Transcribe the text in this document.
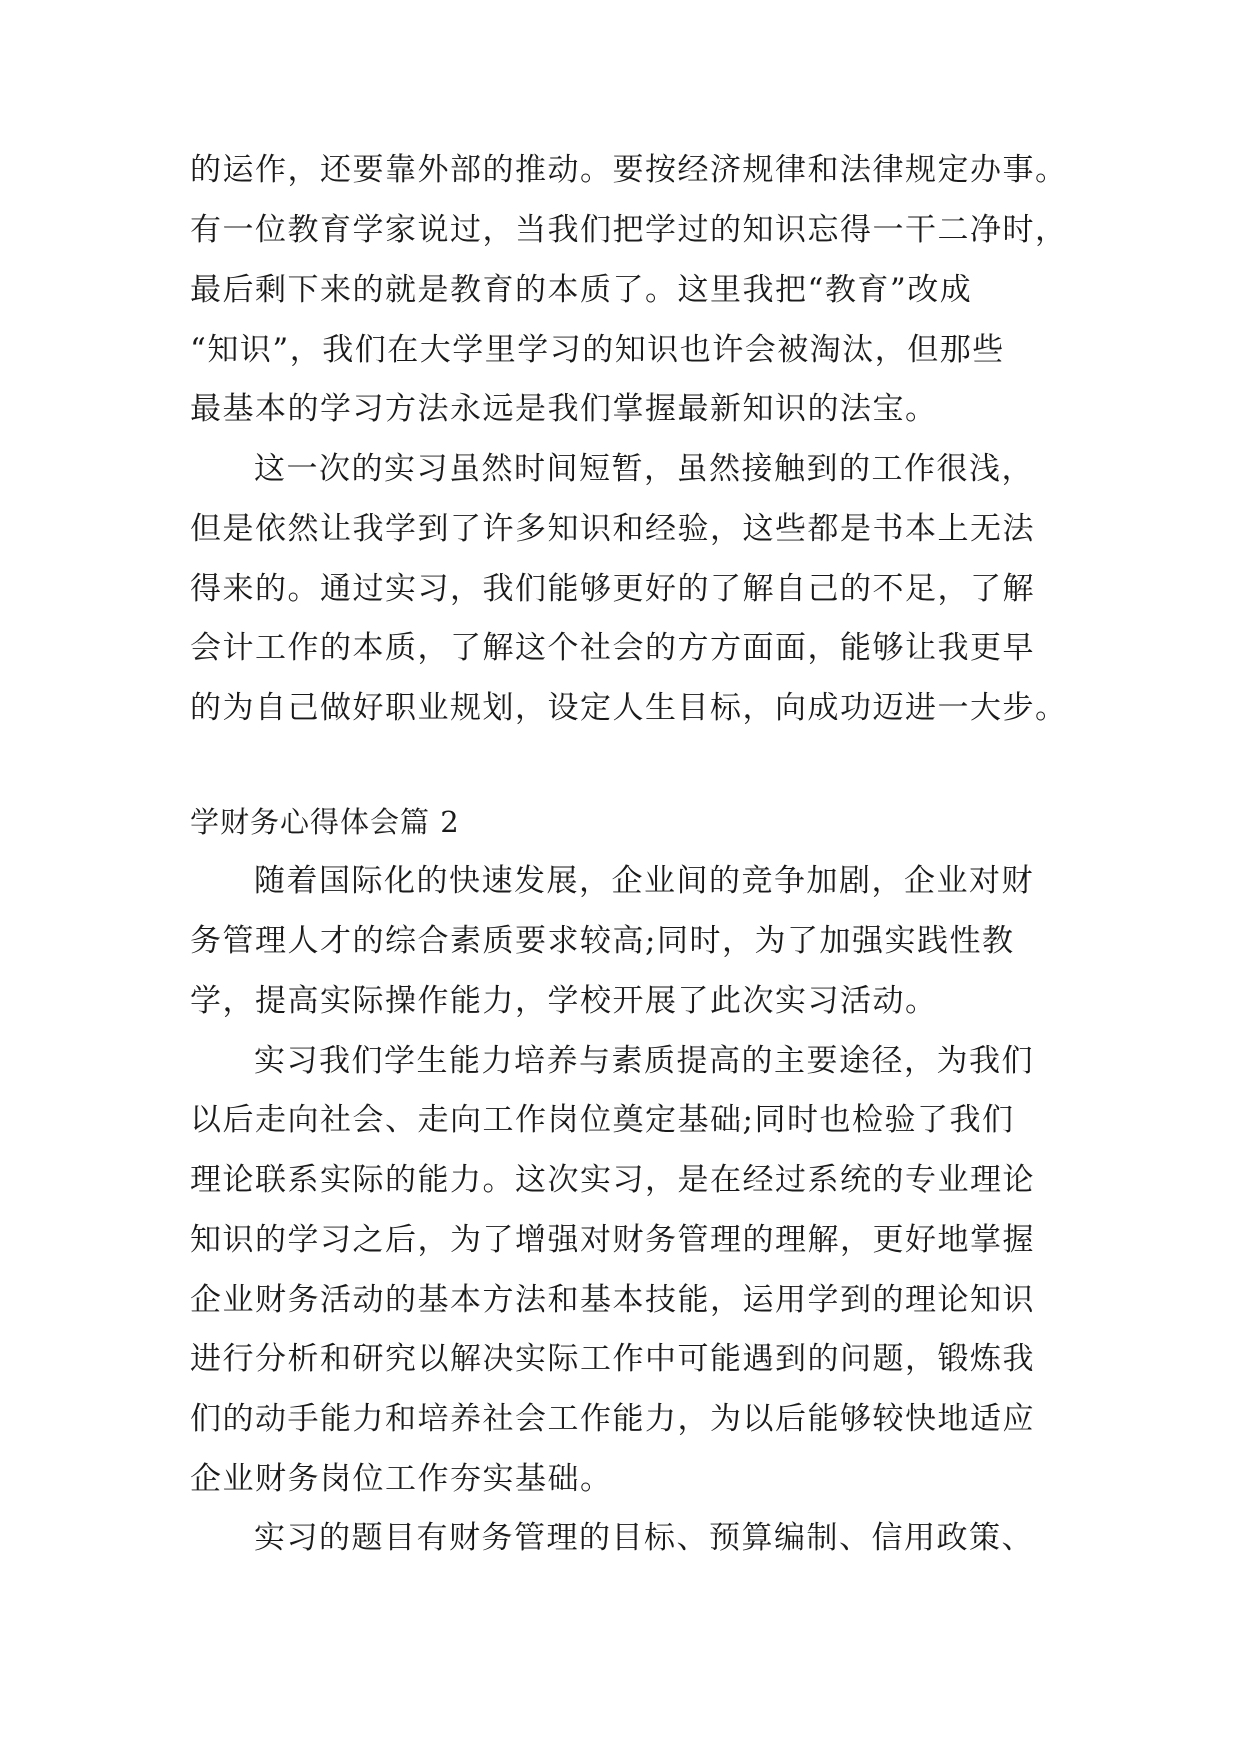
的运作，还要靠外部的推动。要按经济规律和法律规定办事。
有一位教育学家说过，当我们把学过的知识忘得一干二净时，
最后剩下来的就是教育的本质了。这里我把“教育”改成
“知识”，我们在大学里学习的知识也许会被淘汰，但那些
最基本的学习方法永远是我们掌握最新知识的法宝。
这一次的实习虽然时间短暂，虽然接触到的工作很浅，
但是依然让我学到了许多知识和经验，这些都是书本上无法
得来的。通过实习，我们能够更好的了解自己的不足，了解
会计工作的本质，了解这个社会的方方面面，能够让我更早
的为自己做好职业规划，设定人生目标，向成功迈进一大步。
学财务心得体会篇 2
随着国际化的快速发展，企业间的竞争加剧，企业对财
务管理人才的综合素质要求较高;同时，为了加强实践性教
学，提高实际操作能力，学校开展了此次实习活动。
实习我们学生能力培养与素质提高的主要途径，为我们
以后走向社会、走向工作岗位奠定基础;同时也检验了我们
理论联系实际的能力。这次实习，是在经过系统的专业理论
知识的学习之后，为了增强对财务管理的理解，更好地掌握
企业财务活动的基本方法和基本技能，运用学到的理论知识
进行分析和研究以解决实际工作中可能遇到的问题，锻炼我
们的动手能力和培养社会工作能力，为以后能够较快地适应
企业财务岗位工作夯实基础。
实习的题目有财务管理的目标、预算编制、信用政策、
